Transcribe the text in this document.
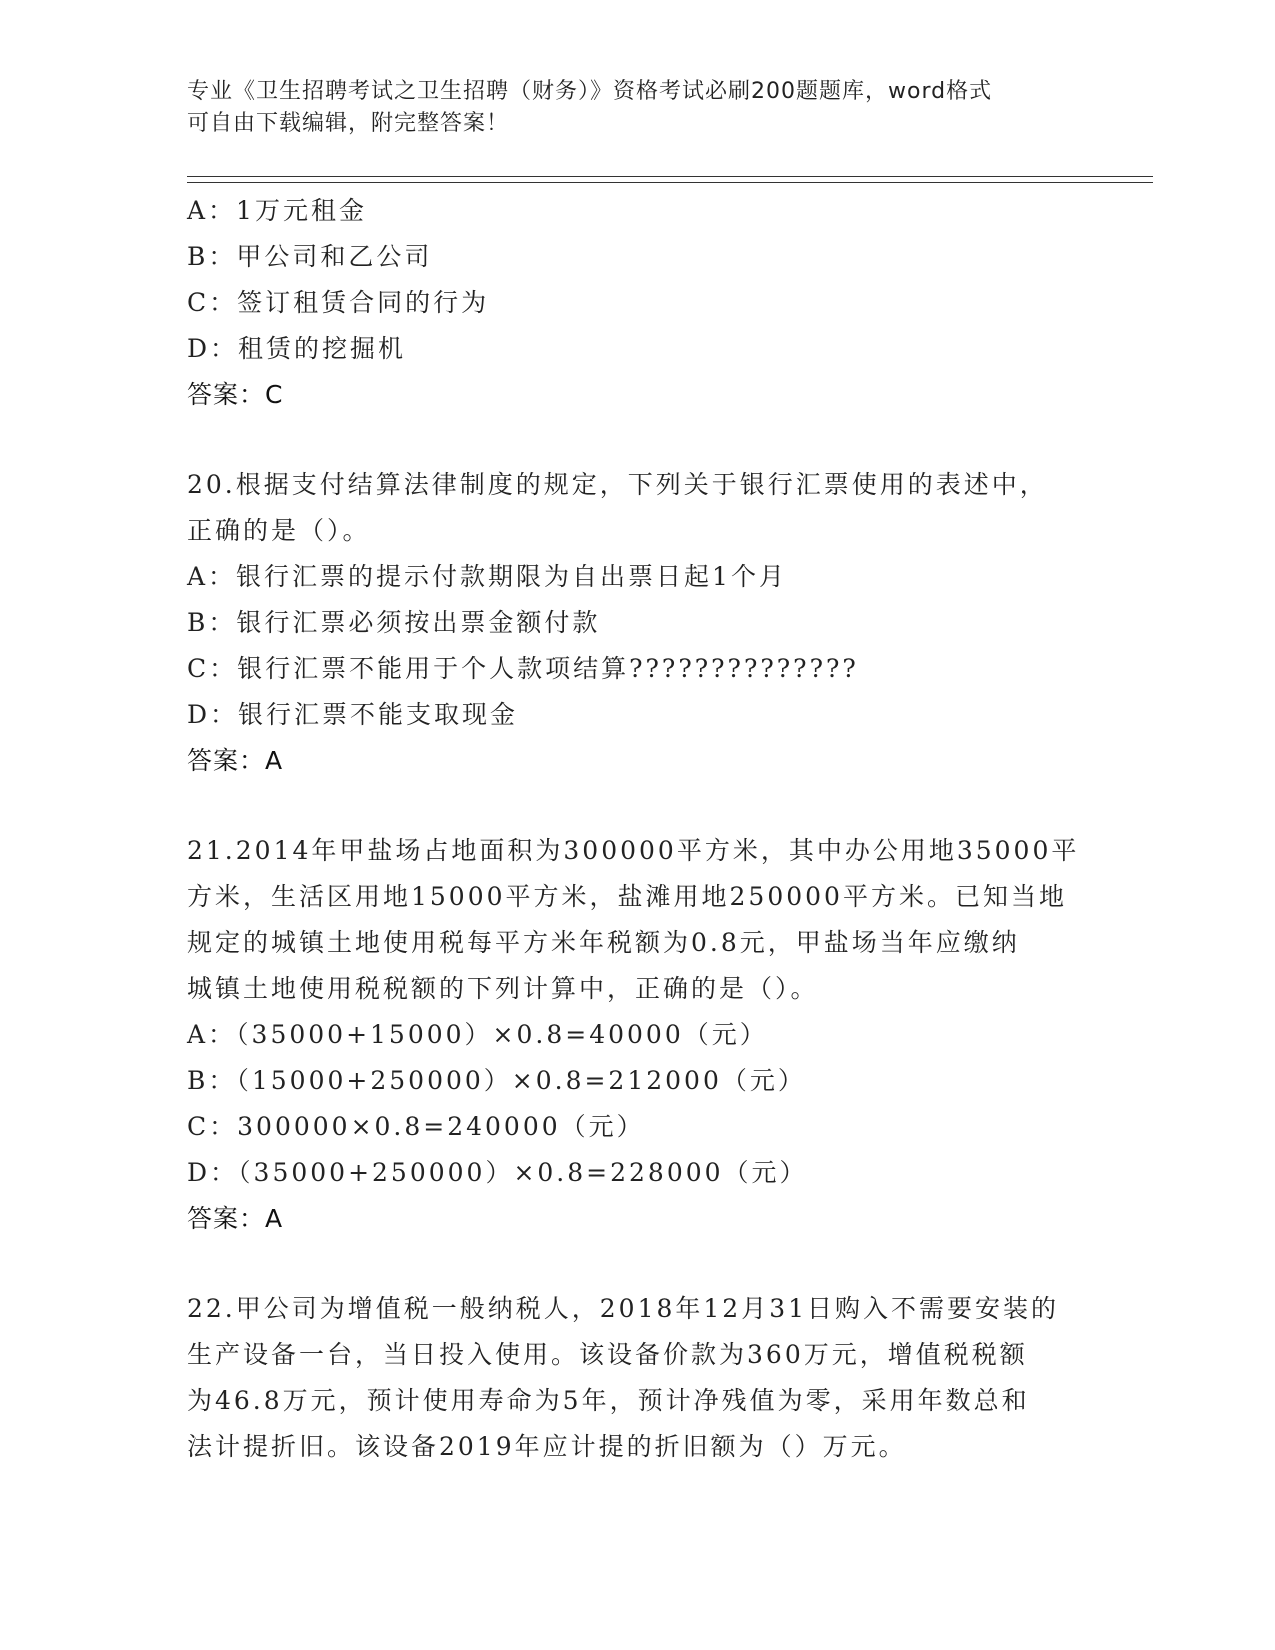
专业《卫生招聘考试之卫生招聘（财务）》资格考试必刷200题题库，word格式
可自由下载编辑，附完整答案！
A：1万元租金
B：甲公司和乙公司
C：签订租赁合同的行为
D：租赁的挖掘机
答案：C
20.根据支付结算法律制度的规定，下列关于银行汇票使用的表述中，
正确的是（）。
A：银行汇票的提示付款期限为自出票日起1个月
B：银行汇票必须按出票金额付款
C：银行汇票不能用于个人款项结算??????????????
D：银行汇票不能支取现金
答案：A
21.2014年甲盐场占地面积为300000平方米，其中办公用地35000平
方米，生活区用地15000平方米，盐滩用地250000平方米。已知当地
规定的城镇土地使用税每平方米年税额为0.8元，甲盐场当年应缴纳
城镇土地使用税税额的下列计算中，正确的是（）。
A：（35000+15000）×0.8=40000（元）
B：（15000+250000）×0.8=212000（元）
C：300000×0.8=240000（元）
D：（35000+250000）×0.8=228000（元）
答案：A
22.甲公司为增值税一般纳税人，2018年12月31日购入不需要安装的
生产设备一台，当日投入使用。该设备价款为360万元，增值税税额
为46.8万元，预计使用寿命为5年，预计净残值为零，采用年数总和
法计提折旧。该设备2019年应计提的折旧额为（）万元。
